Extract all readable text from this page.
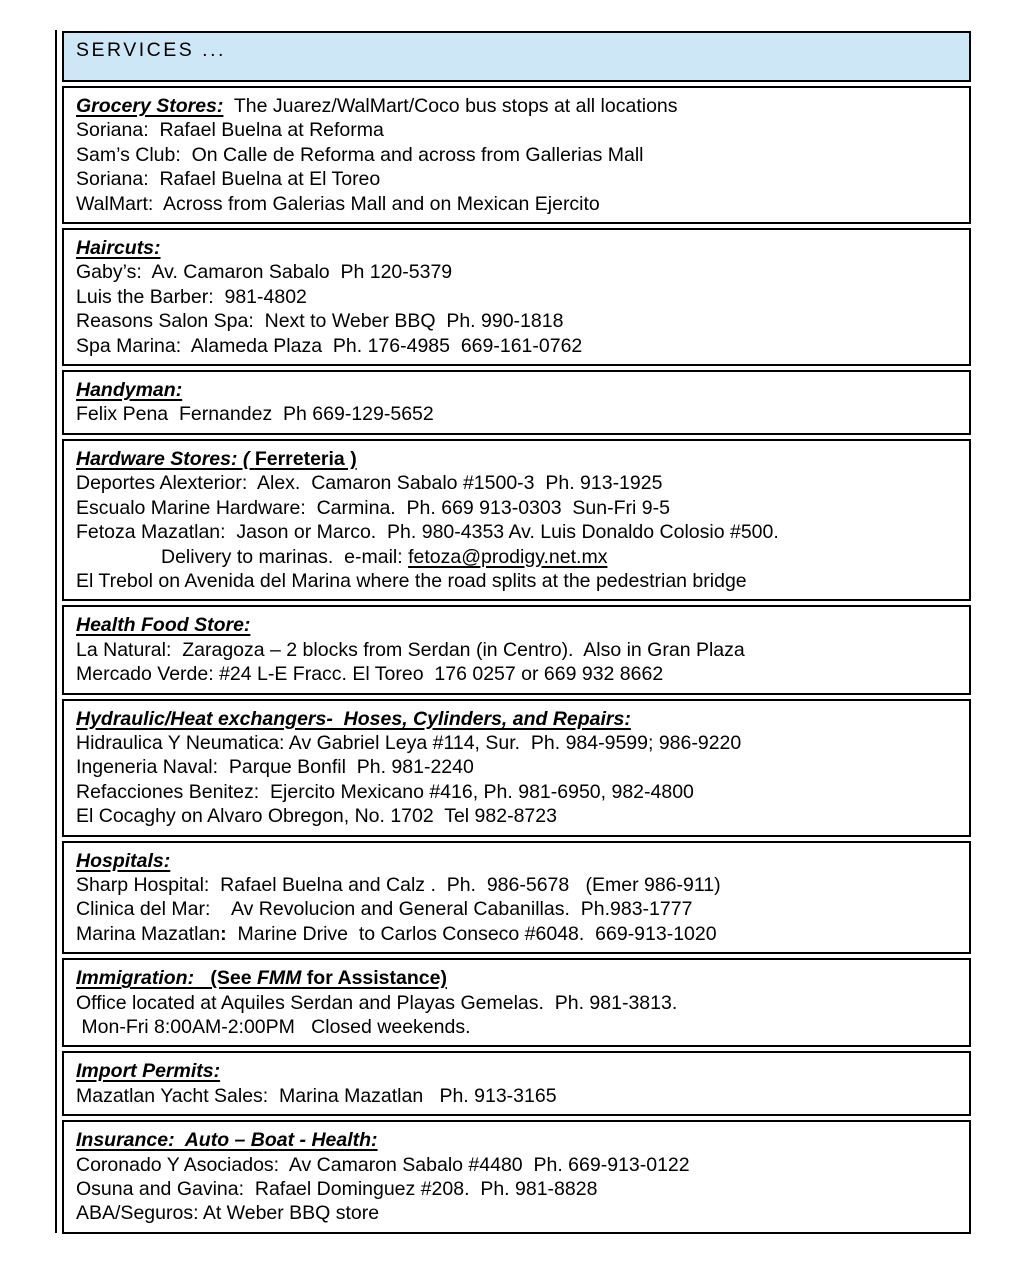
SERVICES ...
Grocery Stores:  The Juarez/WalMart/Coco bus stops at all locations
Soriana:  Rafael Buelna at Reforma
Sam’s Club:  On Calle de Reforma and across from Gallerias Mall
Soriana:  Rafael Buelna at El Toreo
WalMart:  Across from Galerias Mall and on Mexican Ejercito
Haircuts:
Gaby’s:  Av. Camaron Sabalo  Ph 120-5379
Luis the Barber:  981-4802
Reasons Salon Spa:  Next to Weber BBQ  Ph. 990-1818
Spa Marina:  Alameda Plaza  Ph. 176-4985  669-161-0762
Handyman:
Felix Pena  Fernandez  Ph 669-129-5652
Hardware Stores: ( Ferreteria )
Deportes Alexterior:  Alex.  Camaron Sabalo #1500-3  Ph. 913-1925
Escualo Marine Hardware:  Carmina.  Ph. 669 913-0303  Sun-Fri 9-5
Fetoza Mazatlan:  Jason or Marco.  Ph. 980-4353 Av. Luis Donaldo Colosio #500.
Delivery to marinas.  e-mail: fetoza@prodigy.net.mx
El Trebol on Avenida del Marina where the road splits at the pedestrian bridge
Health Food Store:
La Natural:  Zaragoza – 2 blocks from Serdan (in Centro).  Also in Gran Plaza
Mercado Verde: #24 L-E Fracc. El Toreo  176 0257 or 669 932 8662
Hydraulic/Heat exchangers-  Hoses, Cylinders, and Repairs:
Hidraulica Y Neumatica: Av Gabriel Leya #114, Sur.  Ph. 984-9599; 986-9220
Ingeneria Naval:  Parque Bonfil  Ph. 981-2240
Refacciones Benitez:  Ejercito Mexicano #416, Ph. 981-6950, 982-4800
El Cocaghy on Alvaro Obregon, No. 1702  Tel 982-8723
Hospitals:
Sharp Hospital:  Rafael Buelna and Calz .  Ph.  986-5678   (Emer 986-911)
Clinica del Mar:    Av Revolucion and General Cabanillas.  Ph.983-1777
Marina Mazatlan:  Marine Drive  to Carlos Conseco #6048.  669-913-1020
Immigration:   (See FMM for Assistance)
Office located at Aquiles Serdan and Playas Gemelas.  Ph. 981-3813.
Mon-Fri 8:00AM-2:00PM   Closed weekends.
Import Permits:
Mazatlan Yacht Sales:  Marina Mazatlan   Ph. 913-3165
Insurance:  Auto – Boat - Health:
Coronado Y Asociados:  Av Camaron Sabalo #4480  Ph. 669-913-0122
Osuna and Gavina:  Rafael Dominguez #208.  Ph. 981-8828
ABA/Seguros: At Weber BBQ store
